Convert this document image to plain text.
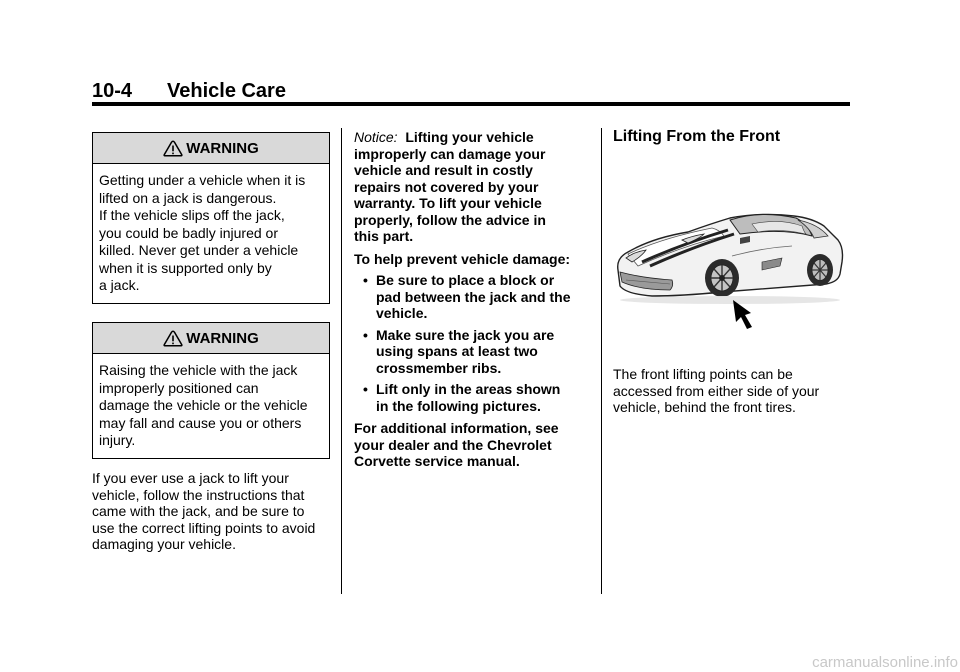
10-4 Vehicle Care
WARNING

Getting under a vehicle when it is

lifted on a jack is dangerous.

If the vehicle slips off the jack,

you could be badly injured or

killed. Never get under a vehicle

when it is supported only by

a jack.

WARNING

Raising the vehicle with the jack

improperly positioned can

damage the vehicle or the vehicle

may fall and cause you or others

injury.

If you ever use a jack to lift your
vehicle, follow the instructions that
came with the jack, and be sure to
use the correct lifting points to avoid
damaging your vehicle.

Notice: Lifting your vehicle

improperly can damage your

vehicle and result in costly

repairs not covered by your

warranty. To lift your vehicle

properly, follow the advice in

this part.

To help prevent vehicle damage:

• Be sure to place a block or
pad between the jack and the
vehicle.
• Make sure the jack you are
using spans at least two
crossmember ribs.
• Lift only in the areas shown
in the following pictures.

For additional information, see

your dealer and the Chevrolet

Corvette service manual.

Lifting From the Front
The front lifting points can be
accessed from either side of your
vehicle, behind the front tires.
carmanualsonline.info
